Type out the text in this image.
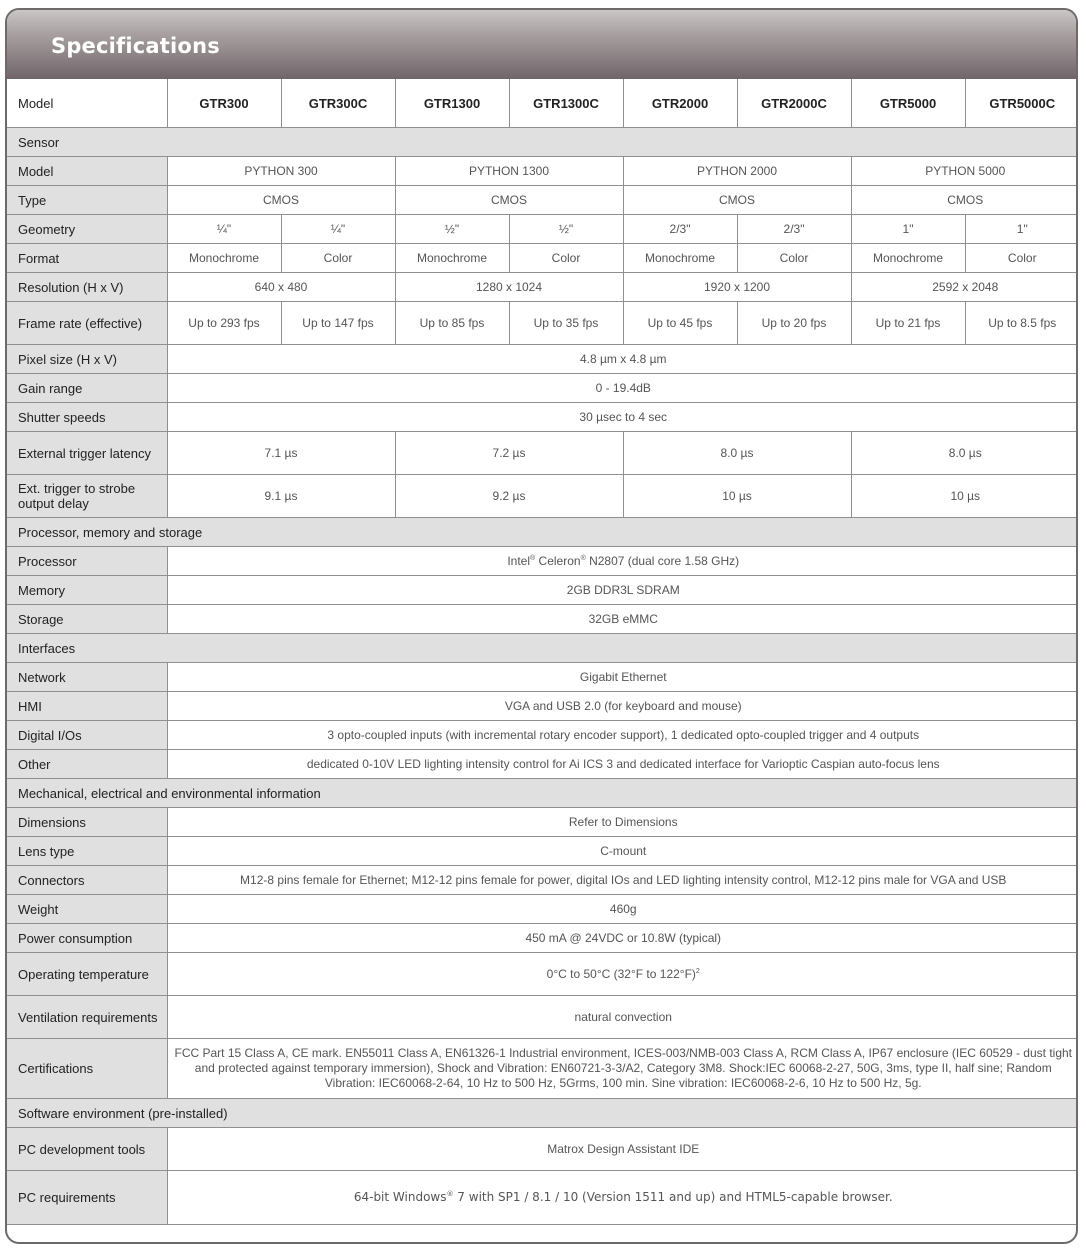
Specifications
Model	GTR300	GTR300C	GTR1300	GTR1300C	GTR2000	GTR2000C	GTR5000	GTR5000C
Sensor								
Model	PYTHON 300		PYTHON 1300		PYTHON 2000		PYTHON 5000	
Type	CMOS		CMOS		CMOS		CMOS	
Geometry	¼"	¼"	½"	½"	2/3"	2/3"	1"	1"
Format	Monochrome	Color	Monochrome	Color	Monochrome	Color	Monochrome	Color
Resolution (H x V)	640 x 480		1280 x 1024		1920 x 1200		2592 x 2048	
Frame rate (effective)	Up to 293 fps	Up to 147 fps	Up to 85 fps	Up to 35 fps	Up to 45 fps	Up to 20 fps	Up to 21 fps	Up to 8.5 fps
Pixel size (H x V)	4.8 µm x 4.8 µm							
Gain range	0 - 19.4dB							
Shutter speeds	30 µsec to 4 sec							
External trigger latency	7.1 µs		7.2 µs		8.0 µs		8.0 µs	
Ext. trigger to strobe output delay	9.1 µs		9.2 µs		10 µs		10 µs	
Processor, memory and storage								
Processor	Intel® Celeron® N2807 (dual core 1.58 GHz)							
Memory	2GB DDR3L SDRAM							
Storage	32GB eMMC							
Interfaces								
Network	Gigabit Ethernet							
HMI	VGA and USB 2.0 (for keyboard and mouse)							
Digital I/Os	3 opto-coupled inputs (with incremental rotary encoder support), 1 dedicated opto-coupled trigger and 4 outputs							
Other	dedicated 0-10V LED lighting intensity control for Ai ICS 3 and dedicated interface for Varioptic Caspian auto-focus lens							
Mechanical, electrical and environmental information								
Dimensions	Refer to Dimensions							
Lens type	C-mount							
Connectors	M12-8 pins female for Ethernet; M12-12 pins female for power, digital IOs and LED lighting intensity control, M12-12 pins male for VGA and USB							
Weight	460g							
Power consumption	450 mA @ 24VDC or 10.8W (typical)							
Operating temperature	0°C to 50°C (32°F to 122°F)$^2$
Ventilation requirements	natural convection							
Certifications	FCC Part 15 Class A, CE mark. EN55011 Class A, EN61326-1 Industrial environment, ICES-003/NMB-003 Class A, RCM Class A, IP67 enclosure (IEC 60529 - dust tight and protected against temporary immersion), Shock and Vibration: EN60721-3-3/A2, Category 3M8. Shock:IEC 60068-2-27, 50G, 3ms, type II, half sine; Random Vibration: IEC60068-2-64, 10 Hz to 500 Hz, 5Grms, 100 min. Sine vibration: IEC60068-2-6, 10 Hz to 500 Hz, 5g.							
Software environment (pre-installed)								
PC development tools	Matrox Design Assistant IDE							
PC requirements	64-bit Windows® 7 with SP1 / 8.1 / 10 (Version 1511 and up) and HTML5-capable browser.							
